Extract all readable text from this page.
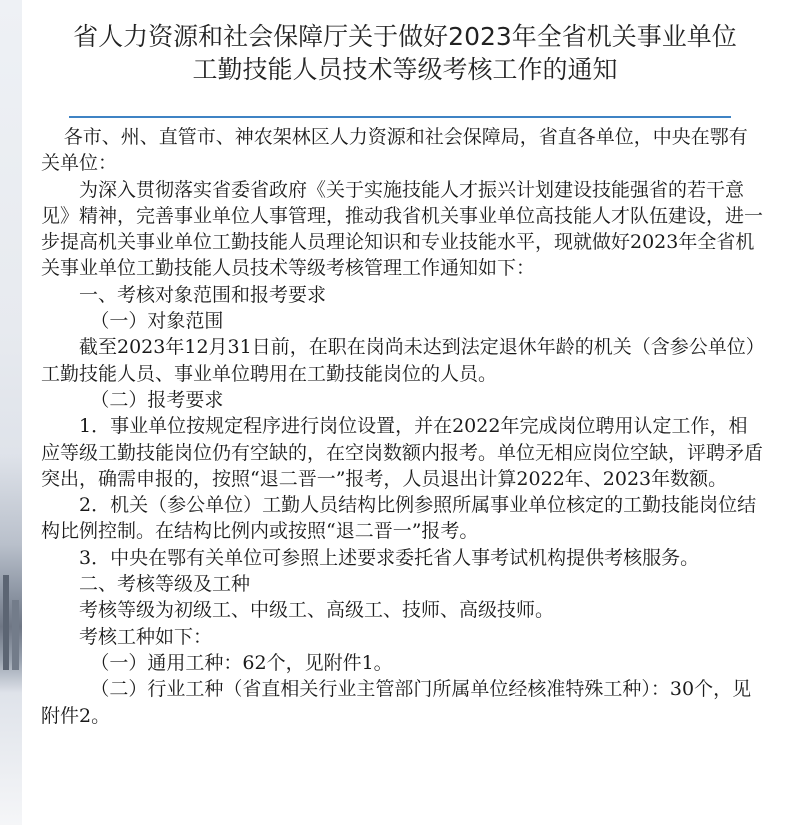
省人力资源和社会保障厅关于做好2023年全省机关事业单位
工勤技能人员技术等级考核工作的通知

各市、州、直管市、神农架林区人力资源和社会保障局，省直各单位，中央在鄂有关单位：

为深入贯彻落实省委省政府《关于实施技能人才振兴计划建设技能强省的若干意见》精神，完善事业单位人事管理，推动我省机关事业单位高技能人才队伍建设，进一步提高机关事业单位工勤技能人员理论知识和专业技能水平，现就做好2023年全省机关事业单位工勤技能人员技术等级考核管理工作通知如下：

一、考核对象范围和报考要求

（一）对象范围

截至2023年12月31日前，在职在岗尚未达到法定退休年龄的机关（含参公单位）工勤技能人员、事业单位聘用在工勤技能岗位的人员。

（二）报考要求

1．事业单位按规定程序进行岗位设置，并在2022年完成岗位聘用认定工作，相应等级工勤技能岗位仍有空缺的，在空岗数额内报考。单位无相应岗位空缺，评聘矛盾突出，确需申报的，按照“退二晋一”报考，人员退出计算2022年、2023年数额。

2．机关（参公单位）工勤人员结构比例参照所属事业单位核定的工勤技能岗位结构比例控制。在结构比例内或按照“退二晋一”报考。

3．中央在鄂有关单位可参照上述要求委托省人事考试机构提供考核服务。

二、考核等级及工种

考核等级为初级工、中级工、高级工、技师、高级技师。

考核工种如下：

（一）通用工种：62个，见附件1。

（二）行业工种（省直相关行业主管部门所属单位经核准特殊工种）：30个，见附件2。
